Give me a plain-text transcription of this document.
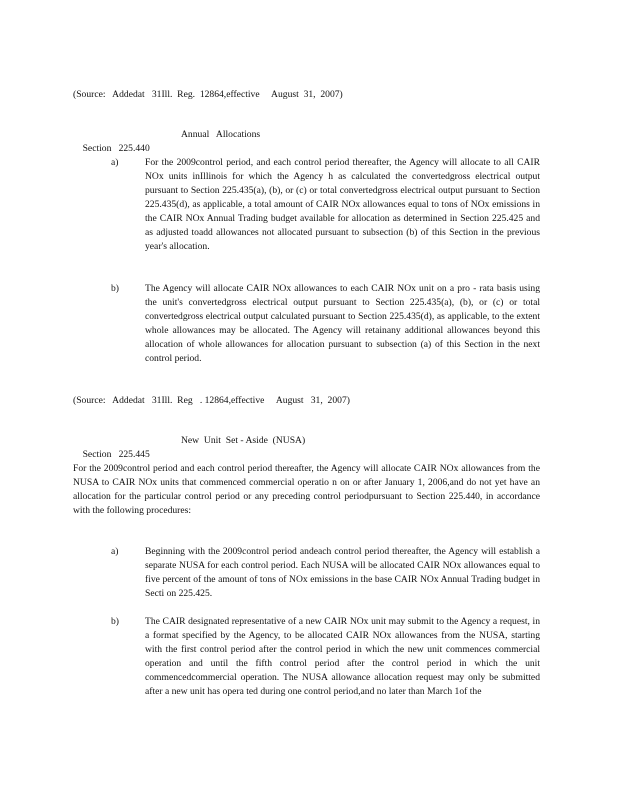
(Source:   Addedat   31Ill.  Reg.  12864,effective     August  31,  2007)

Section   225.440

Annual   Allocations

a)	For the 2009control period, and each control period thereafter, the Agency will allocate to all CAIR NOx units inIllinois for which the Agency h as calculated the convertedgross electrical output pursuant to Section 225.435(a), (b), or (c) or total convertedgross electrical output pursuant to Section 225.435(d), as applicable, a total amount of CAIR NOx allowances equal to tons of NOx emissions in the CAIR NOx Annual Trading budget available for allocation as determined in Section 225.425 and as adjusted toadd allowances not allocated pursuant to subsection (b) of this Section in the previous year's allocation.
b)	The Agency will allocate CAIR NOx allowances to each CAIR NOx unit on a pro - rata basis using the unit's convertedgross electrical output pursuant to Section 225.435(a), (b), or (c) or total convertedgross electrical output calculated pursuant to Section 225.435(d), as applicable, to the extent whole allowances may be allocated. The Agency will retainany additional allowances beyond this allocation of whole allowances for allocation pursuant to subsection (a) of this Section in the next control period.
(Source:   Addedat   31Ill.  Reg   . 12864,effective     August   31,  2007)

Section   225.445

New  Unit  Set - Aside  (NUSA)

For the 2009control period and each control period thereafter, the Agency will allocate CAIR NOx allowances from the NUSA to CAIR NOx units that commenced commercial operatio n on or after January 1, 2006,and do not yet have an allocation for the particular control period or any preceding control periodpursuant to Section 225.440, in accordance with the following procedures:
a)	Beginning with the 2009control period andeach control period thereafter, the Agency will establish a separate NUSA for each control period. Each NUSA will be allocated CAIR NOx allowances equal to five percent of the amount of tons of NOx emissions in the base CAIR NOx Annual Trading budget in Secti on 225.425.
b)	The CAIR designated representative of a new CAIR NOx unit may submit to the Agency a request, in a format specified by the Agency, to be allocated CAIR NOx allowances from the NUSA, starting with the first control period after the control period in which the new unit commences commercial operation and until the fifth control period after the control period in which the unit commencedcommercial operation. The NUSA allowance allocation request may only be submitted after a new unit has opera ted during one control period,and no later than March 1of the
